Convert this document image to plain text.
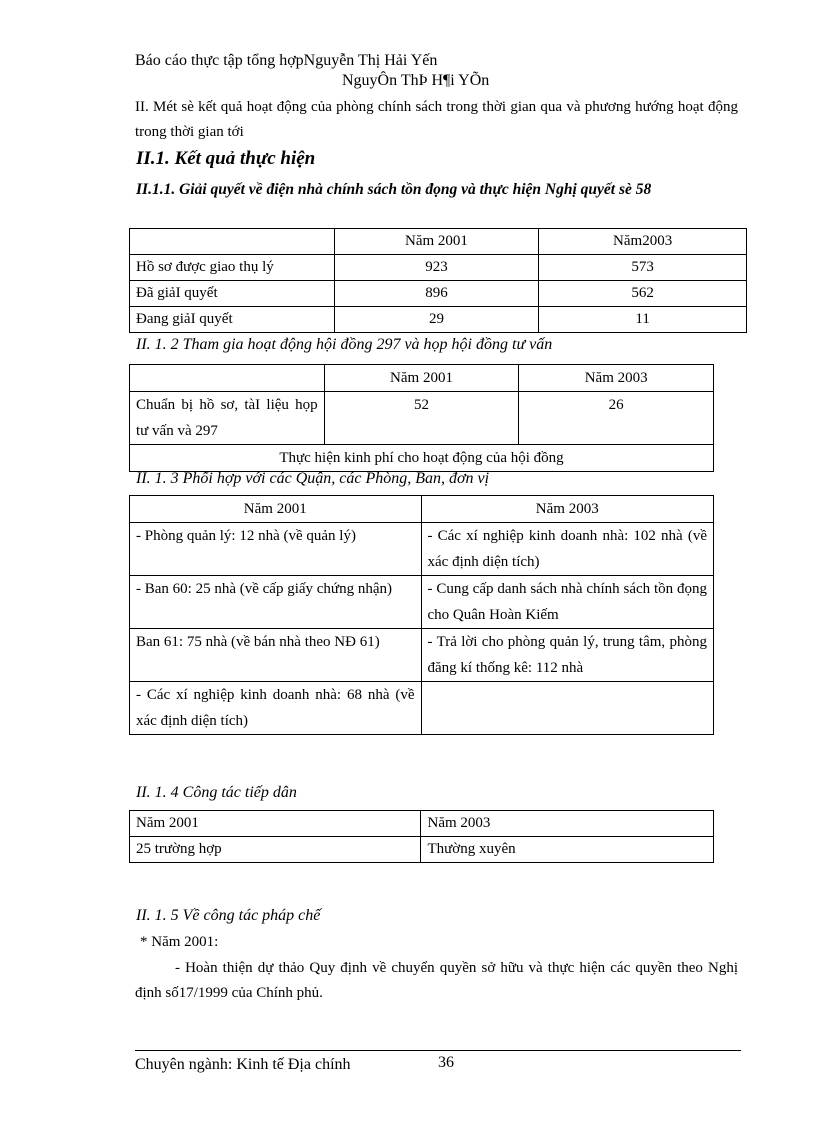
Báo cáo thực tập tổng hợpNguyễn Thị Hải Yến
NguyÔn ThÞ H¶i YÕn
II. Mét sè kết quả hoạt động của phòng chính sách trong thời gian qua và phương hướng hoạt động trong thời gian tới
II.1. Kết quả thực hiện
II.1.1. Giải quyết về điện nhà chính sách tồn đọng và thực hiện Nghị quyết sè 58
	Năm 2001	Năm2003
Hồ sơ được giao thụ lý	923	573
Đã giảI quyết	896	562
Đang giảI quyết	29	11
II. 1. 2 Tham gia hoạt động hội đồng 297 và họp hội đồng tư vấn
	Năm 2001	Năm 2003
Chuẩn bị hồ sơ, tàI liệu họp tư vấn và 297	52	26
Thực hiện kinh phí cho hoạt động của hội đồng		
II. 1. 3 Phối hợp với các Quận, các Phòng, Ban, đơn vị
Năm 2001	Năm 2003
- Phòng quản lý: 12 nhà (về quản lý)	- Các xí nghiệp kinh doanh nhà: 102 nhà (về xác định diện tích)
- Ban 60: 25 nhà (về cấp giấy chứng nhận)	- Cung cấp danh sách nhà chính sách tồn đọng cho Quân Hoàn Kiếm
Ban 61: 75 nhà (về bán nhà theo NĐ 61)	- Trả lời cho phòng quản lý, trung tâm, phòng đăng kí thống kê: 112 nhà
- Các xí nghiệp kinh doanh nhà: 68 nhà (về xác định diện tích)	
II. 1. 4 Công tác tiếp dân
Năm 2001	Năm 2003
25 trường hợp	Thường xuyên
II. 1. 5 Về công tác pháp chế
* Năm 2001:
- Hoàn thiện dự thảo Quy định về chuyển quyền sở hữu và thực hiện các quyền theo Nghị định số17/1999 của Chính phủ.
Chuyên ngành: Kinh tế Địa chính	36
